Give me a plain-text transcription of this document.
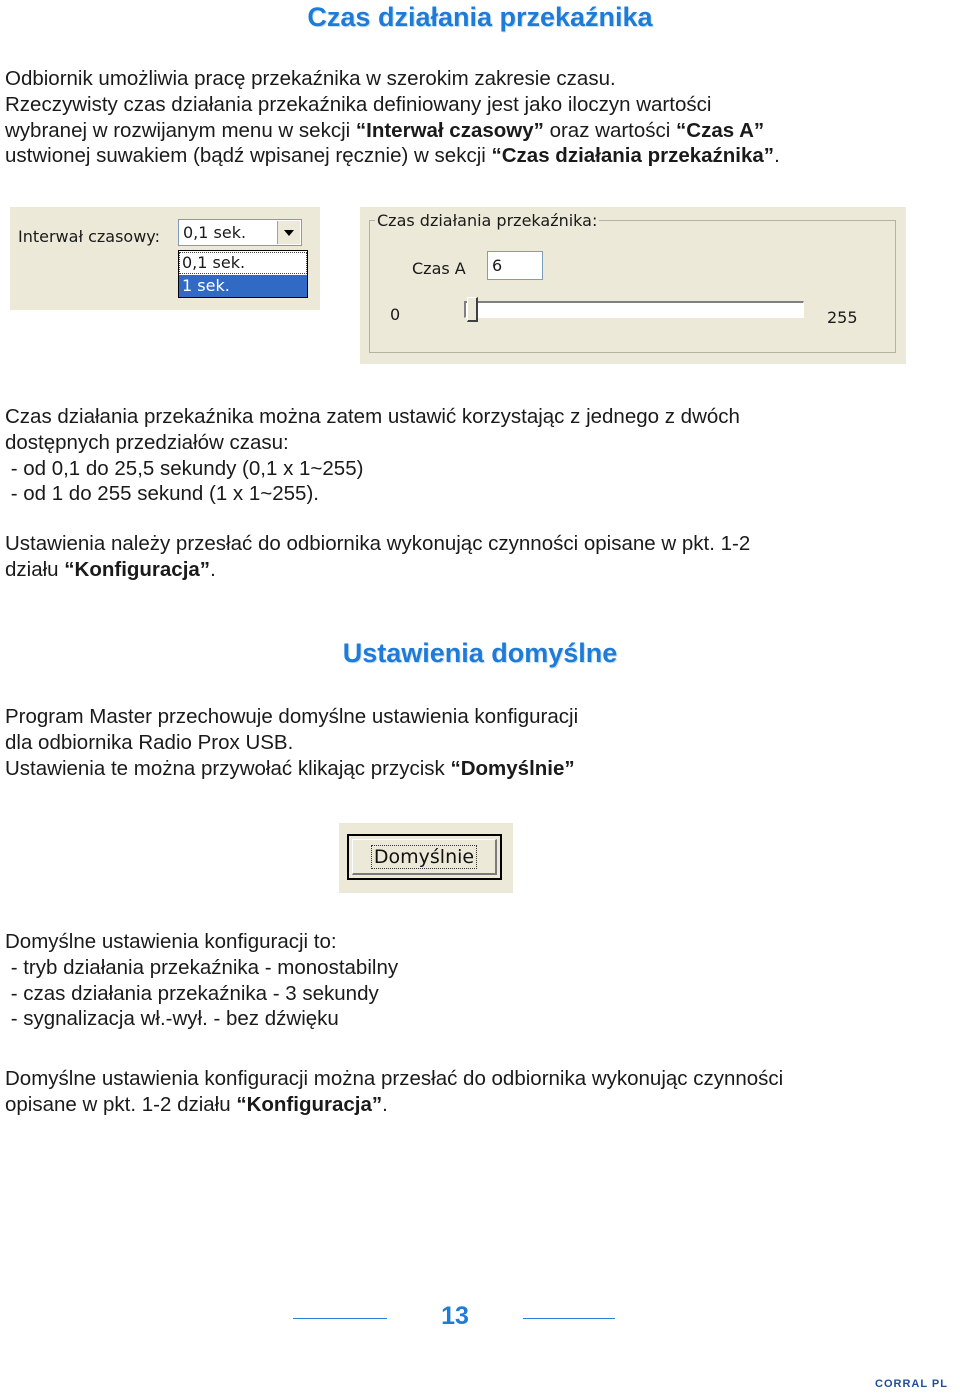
Czas działania przekaźnika

Odbiornik umożliwia pracę przekaźnika w szerokim zakresie czasu.
Rzeczywisty czas działania przekaźnika definiowany jest jako iloczyn wartości
wybranej w rozwijanym menu w sekcji “Interwał czasowy” oraz wartości “Czas A”
ustwionej suwakiem (bądź wpisanej ręcznie) w sekcji “Czas działania przekaźnika”.

Interwał czasowy: 0,1 sek.
0,1 sek.
1 sek.
Czas działania przekaźnika:
Czas A	6
0	255

Czas działania przekaźnika można zatem ustawić korzystając z jednego z dwóch
dostępnych przedziałów czasu:
- od 0,1 do 25,5 sekundy (0,1 x 1~255)
- od 1 do 255 sekund (1 x 1~255).

Ustawienia należy przesłać do odbiornika wykonując czynności opisane w pkt. 1-2
działu “Konfiguracja”.

Ustawienia domyślne

Program Master przechowuje domyślne ustawienia konfiguracji
dla odbiornika Radio Prox USB.
Ustawienia te można przywołać klikając przycisk “Domyślnie”

Domyślnie

Domyślne ustawienia konfiguracji to:
- tryb działania przekaźnika - monostabilny
- czas działania przekaźnika - 3 sekundy
- sygnalizacja wł.-wył. - bez dźwięku

Domyślne ustawienia konfiguracji można przesłać do odbiornika wykonując czynności
opisane w pkt. 1-2 działu “Konfiguracja”.

13
CORRAL PL
